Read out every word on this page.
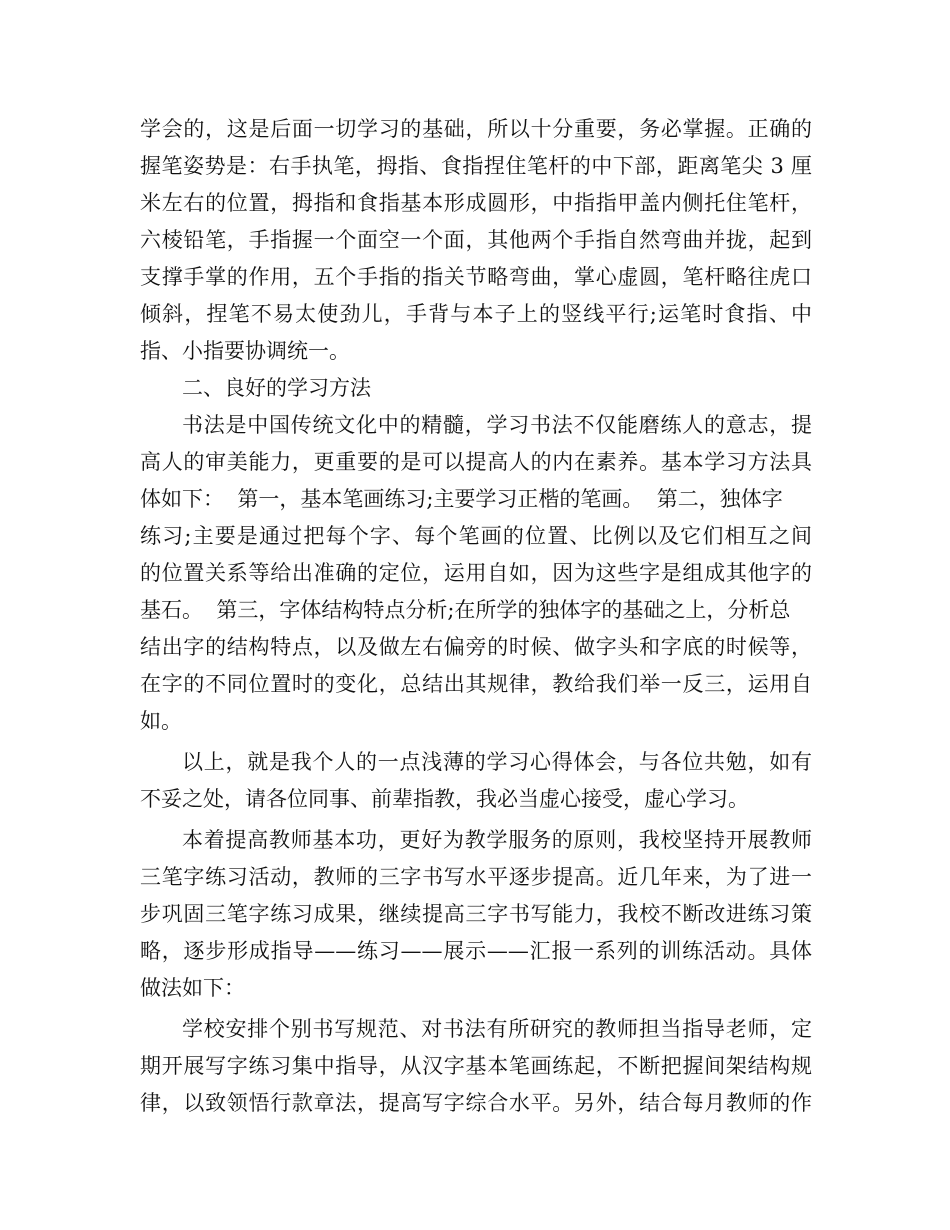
学会的，这是后面一切学习的基础，所以十分重要，务必掌握。正确的
握笔姿势是：右手执笔，拇指、食指捏住笔杆的中下部，距离笔尖 3 厘
米左右的位置，拇指和食指基本形成圆形，中指指甲盖内侧托住笔杆，
六棱铅笔，手指握一个面空一个面，其他两个手指自然弯曲并拢，起到
支撑手掌的作用，五个手指的指关节略弯曲，掌心虚圆，笔杆略往虎口
倾斜，捏笔不易太使劲儿，手背与本子上的竖线平行;运笔时食指、中
指、小指要协调统一。
二、良好的学习方法
书法是中国传统文化中的精髓，学习书法不仅能磨练人的意志，提
高人的审美能力，更重要的是可以提高人的内在素养。基本学习方法具
体如下：  第一，基本笔画练习;主要学习正楷的笔画。  第二，独体字
练习;主要是通过把每个字、每个笔画的位置、比例以及它们相互之间
的位置关系等给出准确的定位，运用自如，因为这些字是组成其他字的
基石。  第三，字体结构特点分析;在所学的独体字的基础之上，分析总
结出字的结构特点，以及做左右偏旁的时候、做字头和字底的时候等，
在字的不同位置时的变化，总结出其规律，教给我们举一反三，运用自
如。
以上，就是我个人的一点浅薄的学习心得体会，与各位共勉，如有
不妥之处，请各位同事、前辈指教，我必当虚心接受，虚心学习。
本着提高教师基本功，更好为教学服务的原则，我校坚持开展教师
三笔字练习活动，教师的三字书写水平逐步提高。近几年来，为了进一
步巩固三笔字练习成果，继续提高三字书写能力，我校不断改进练习策
略，逐步形成指导——练习——展示——汇报一系列的训练活动。具体
做法如下：
学校安排个别书写规范、对书法有所研究的教师担当指导老师，定
期开展写字练习集中指导，从汉字基本笔画练起，不断把握间架结构规
律，以致领悟行款章法，提高写字综合水平。另外，结合每月教师的作
